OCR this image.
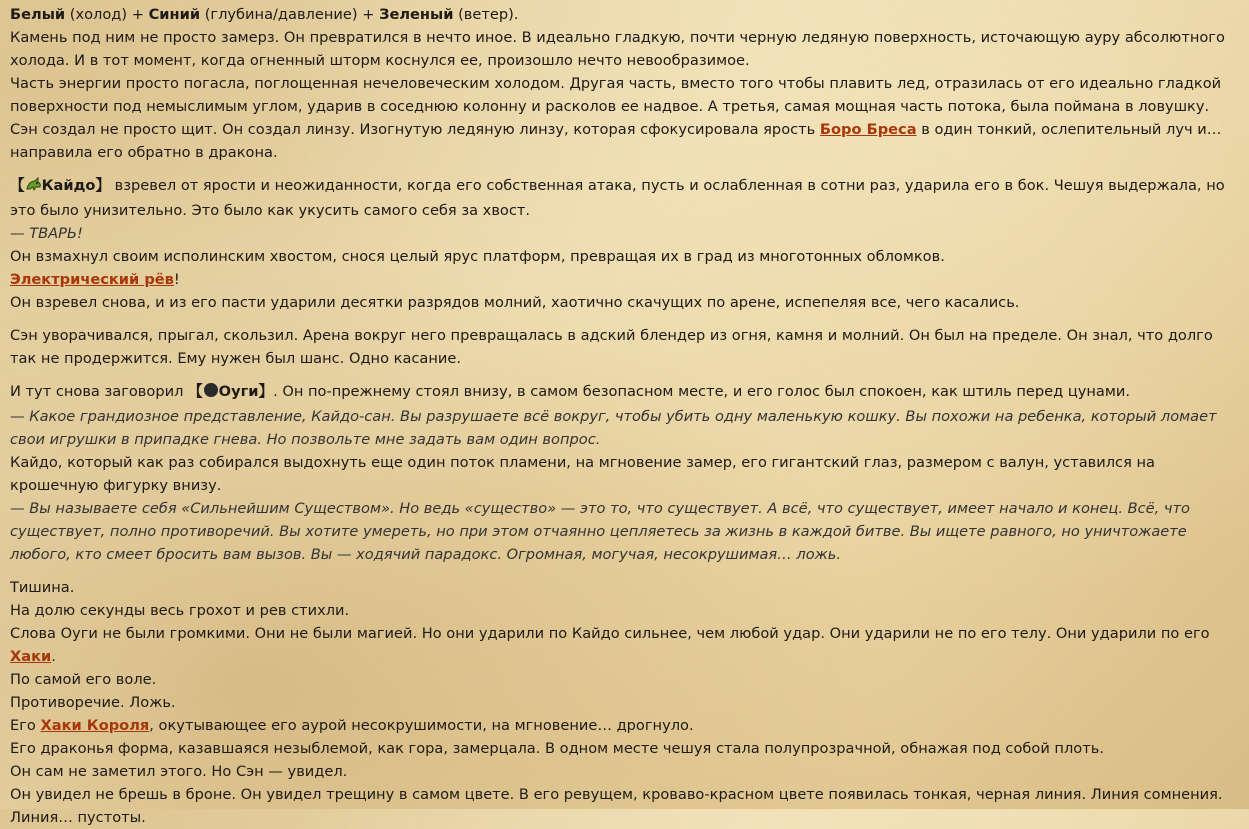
Белый (холод) + Синий (глубина/давление) + Зеленый (ветер).

Камень под ним не просто замерз. Он превратился в нечто иное. В идеально гладкую, почти черную ледяную поверхность, источающую ауру абсолютного холода. И в тот момент, когда огненный шторм коснулся ее, произошло нечто невообразимое.

Часть энергии просто погасла, поглощенная нечеловеческим холодом. Другая часть, вместо того чтобы плавить лед, отразилась от его идеально гладкой поверхности под немыслимым углом, ударив в соседнюю колонну и расколов ее надвое. А третья, самая мощная часть потока, была поймана в ловушку. Сэн создал не просто щит. Он создал линзу. Изогнутую ледяную линзу, которая сфокусировала ярость Боро Бреса в один тонкий, ослепительный луч и… направила его обратно в дракона.

【 Кайдо】 взревел от ярости и неожиданности, когда его собственная атака, пусть и ослабленная в сотни раз, ударила его в бок. Чешуя выдержала, но это было унизительно. Это было как укусить самого себя за хвост.

— ТВАРЬ!

Он взмахнул своим исполинским хвостом, снося целый ярус платформ, превращая их в град из многотонных обломков.

Электрический рёв!

Он взревел снова, и из его пасти ударили десятки разрядов молний, хаотично скачущих по арене, испепеляя все, чего касались.

Сэн уворачивался, прыгал, скользил. Арена вокруг него превращалась в адский блендер из огня, камня и молний. Он был на пределе. Он знал, что долго так не продержится. Ему нужен был шанс. Одно касание.

И тут снова заговорил 【 Оуги】. Он по-прежнему стоял внизу, в самом безопасном месте, и его голос был спокоен, как штиль перед цунами.

— Какое грандиозное представление, Кайдо-сан. Вы разрушаете всё вокруг, чтобы убить одну маленькую кошку. Вы похожи на ребенка, который ломает свои игрушки в припадке гнева. Но позвольте мне задать вам один вопрос.

Кайдо, который как раз собирался выдохнуть еще один поток пламени, на мгновение замер, его гигантский глаз, размером с валун, уставился на крошечную фигурку внизу.

— Вы называете себя «Сильнейшим Существом». Но ведь «существо» — это то, что существует. А всё, что существует, имеет начало и конец. Всё, что существует, полно противоречий. Вы хотите умереть, но при этом отчаянно цепляетесь за жизнь в каждой битве. Вы ищете равного, но уничтожаете любого, кто смеет бросить вам вызов. Вы — ходячий парадокс. Огромная, могучая, несокрушимая… ложь.

Тишина.

На долю секунды весь грохот и рев стихли.

Слова Оуги не были громкими. Они не были магией. Но они ударили по Кайдо сильнее, чем любой удар. Они ударили не по его телу. Они ударили по его Хаки.

По самой его воле.

Противоречие. Ложь.

Его Хаки Короля, окутывающее его аурой несокрушимости, на мгновение… дрогнуло.

Его драконья форма, казавшаяся незыблемой, как гора, замерцала. В одном месте чешуя стала полупрозрачной, обнажая под собой плоть.

Он сам не заметил этого. Но Сэн — увидел.

Он увидел не брешь в броне. Он увидел трещину в самом цвете. В его ревущем, кроваво-красном цвете появилась тонкая, черная линия. Линия сомнения. Линия… пустоты.
